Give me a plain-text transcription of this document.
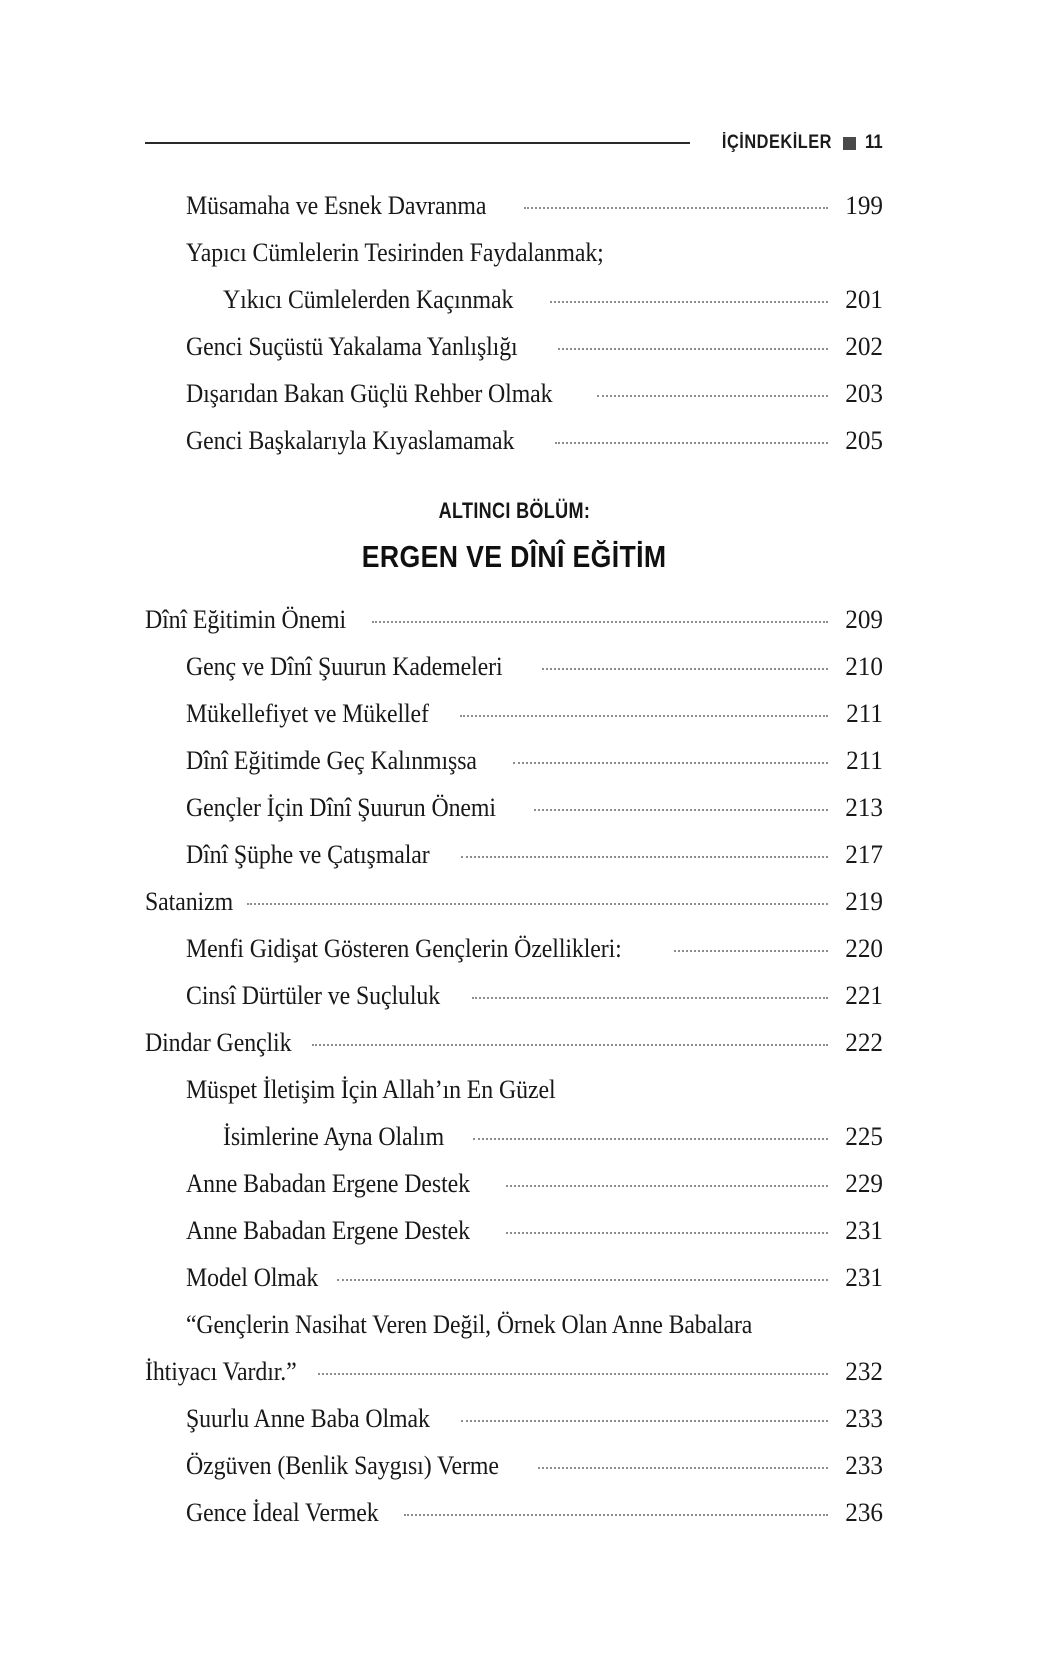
İÇİNDEKİLER 11
Müsamaha ve Esnek Davranma	199
Yapıcı Cümlelerin Tesirinden Faydalanmak;
Yıkıcı Cümlelerden Kaçınmak	201
Genci Suçüstü Yakalama Yanlışlığı	202
Dışarıdan Bakan Güçlü Rehber Olmak	203
Genci Başkalarıyla Kıyaslamamak	205
ALTINCI BÖLÜM:
ERGEN VE DÎNÎ EĞİTİM
Dînî Eğitimin Önemi	209
Genç ve Dînî Şuurun Kademeleri	210
Mükellefiyet ve Mükellef	211
Dînî Eğitimde Geç Kalınmışsa	211
Gençler İçin Dînî Şuurun Önemi	213
Dînî Şüphe ve Çatışmalar	217
Satanizm	219
Menfi Gidişat Gösteren Gençlerin Özellikleri:	220
Cinsî Dürtüler ve Suçluluk	221
Dindar Gençlik	222
Müspet İletişim İçin Allah’ın En Güzel
İsimlerine Ayna Olalım	225
Anne Babadan Ergene Destek	229
Anne Babadan Ergene Destek	231
Model Olmak	231
“Gençlerin Nasihat Veren Değil, Örnek Olan Anne Babalara
İhtiyacı Vardır.”	232
Şuurlu Anne Baba Olmak	233
Özgüven (Benlik Saygısı) Verme	233
Gence İdeal Vermek	236
